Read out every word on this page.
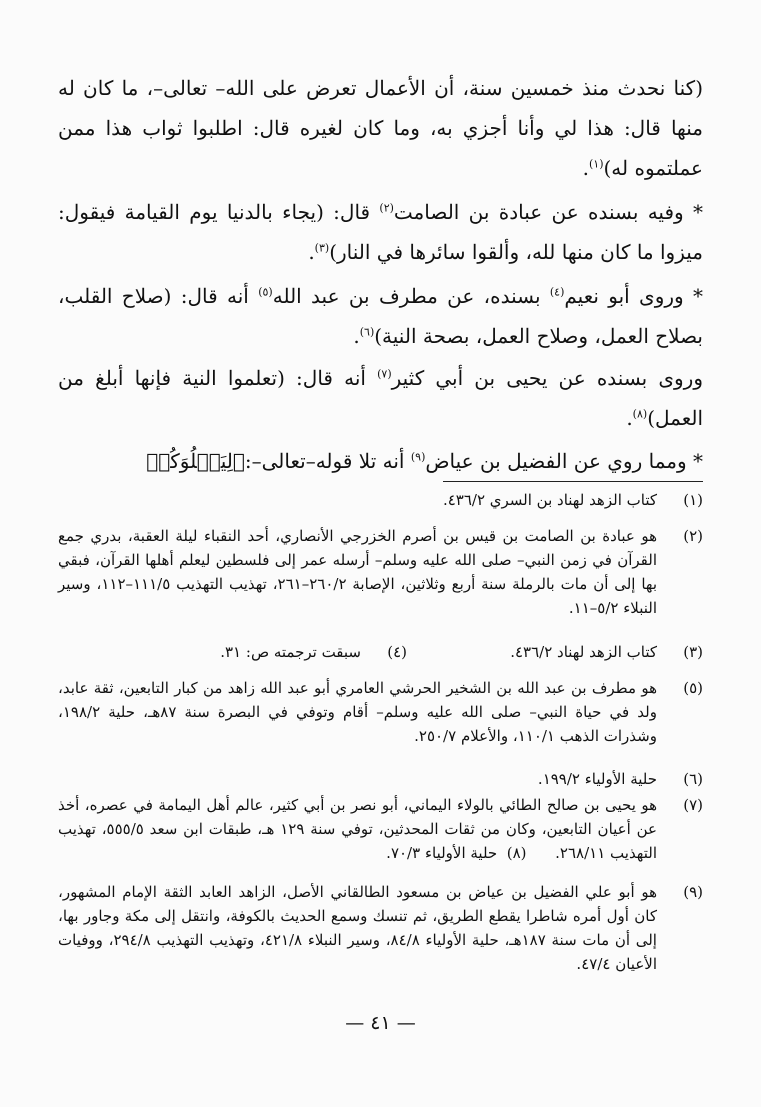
(كنا نحدث منذ خمسين سنة، أن الأعمال تعرض على الله– تعالى–، ما كان له منها قال: هذا لي وأنا أجزي به، وما كان لغيره قال: اطلبوا ثواب هذا ممن عملتموه له)$^{(١)}$.

* وفيه بسنده عن عبادة بن الصامت$^{(٢)}$ قال: (يجاء بالدنيا يوم القيامة فيقول: ميزوا ما كان منها لله، وألقوا سائرها في النار)$^{(٣)}$.

* وروى أبو نعيم$^{(٤)}$ بسنده، عن مطرف بن عبد الله$^{(٥)}$ أنه قال: (صلاح القلب، بصلاح العمل، وصلاح العمل، بصحة النية)$^{(٦)}$.

وروى بسنده عن يحيى بن أبي كثير$^{(٧)}$ أنه قال: (تعلموا النية فإنها أبلغ من العمل)$^{(٨)}$.

* ومما روي عن الفضيل بن عياض$^{(٩)}$ أنه تلا قوله–تعالى–:﴿لِيَبۡلُوَكُمۡ

(١)
كتاب الزهد لهناد بن السري ٤٣٦/٢.
(٢)
هو عبادة بن الصامت بن قيس بن أصرم الخزرجي الأنصاري، أحد النقباء ليلة العقبة، بدري جمع القرآن في زمن النبي– صلى الله عليه وسلم– أرسله عمر إلى فلسطين ليعلم أهلها القرآن، فبقي بها إلى أن مات بالرملة سنة أربع وثلاثين، الإصابة ٢٦٠/٢–٢٦١، تهذيب التهذيب ١١١/٥–١١٢، وسير النبلاء ٥/٢–١١.
(٣)
كتاب الزهد لهناد ٤٣٦/٢.
(٤)
سبقت ترجمته ص: ٣١.
(٥)
هو مطرف بن عبد الله بن الشخير الحرشي العامري أبو عبد الله زاهد من كبار التابعين، ثقة عابد، ولد في حياة النبي– صلى الله عليه وسلم– أقام وتوفي في البصرة سنة ٨٧هـ، حلية ١٩٨/٢، وشذرات الذهب ١١٠/١، والأعلام ٢٥٠/٧.
(٦)
حلية الأولياء ١٩٩/٢.
(٧)
هو يحيى بن صالح الطائي بالولاء اليماني، أبو نصر بن أبي كثير، عالم أهل اليمامة في عصره، أخذ عن أعيان التابعين، وكان من ثقات المحدثين، توفي سنة ١٢٩ هـ، طبقات ابن سعد ٥٥٥/٥، تهذيب التهذيب ٢٦٨/١١.      (٨)  حلية الأولياء ٧٠/٣.
(٩)
هو أبو علي الفضيل بن عياض بن مسعود الطالقاني الأصل، الزاهد العابد الثقة الإمام المشهور، كان أول أمره شاطرا يقطع الطريق، ثم تنسك وسمع الحديث بالكوفة، وانتقل إلى مكة وجاور بها، إلى أن مات سنة ١٨٧هـ، حلية الأولياء ٨٤/٨، وسير النبلاء ٤٢١/٨، وتهذيب التهذيب ٢٩٤/٨، ووفيات الأعيان ٤٧/٤.
— ٤١ —
